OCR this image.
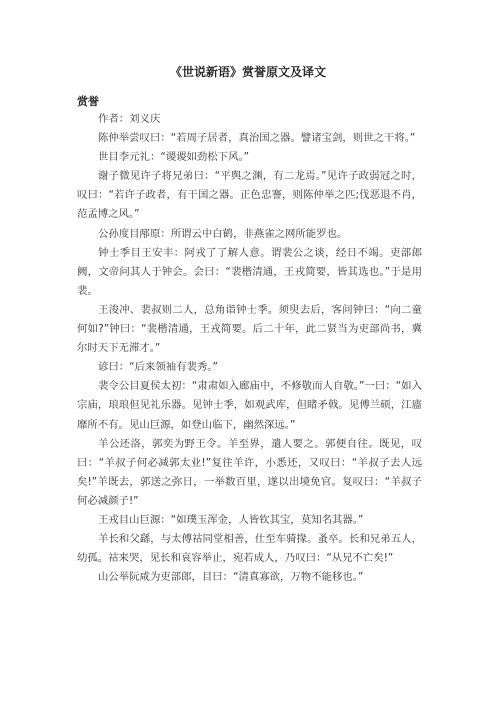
《世说新语》赏誉原文及译文
赏誉

作者：刘义庆

陈仲举尝叹曰：“若周子居者，真治国之器。譬诸宝剑，则世之干将。”

世目李元礼：“谡谡如劲松下风。”

谢子微见许子将兄弟曰：“平舆之渊，有二龙焉。”见许子政弱冠之时，叹曰：“若许子政者，有干国之器。正色忠謇，则陈仲举之匹;伐恶退不肖，范孟博之风。”

公孙度目邴原：所谓云中白鹤，非燕雀之网所能罗也。

钟士季目王安丰：阿戎了了解人意。谓裴公之谈，经日不竭。吏部郎阙，文帝问其人于钟会。会曰：“裴楷清通，王戎简要，皆其选也。”于是用裴。

王浚冲、裴叔则二人，总角诣钟士季。须臾去后，客问钟曰：“向二童何如?”钟曰：“裴楷清通，王戎简要。后二十年，此二贤当为吏部尚书，冀尔时天下无滞才。”

谚曰：“后来领袖有裴秀。”

裴令公目夏侯太初：“肃肃如入廊庙中，不修敬而人自敬。”一曰：“如入宗庙，琅琅但见礼乐器。见钟士季，如观武库，但睹矛戟。见傅兰硕，江廧靡所不有。见山巨源，如登山临下，幽然深远。”

羊公还洛，郭奕为野王令。羊至界，遣人要之。郭便自往。既见，叹曰：“羊叔子何必减郭太业!”复往羊许，小悉还，又叹曰：“羊叔子去人远矣!”羊既去，郭送之弥日，一举数百里，遂以出境免官。复叹曰：“羊叔子何必减颜子!”

王戎目山巨源：“如璞玉浑金，人皆钦其宝，莫知名其器。”

羊长和父繇，与太傅祜同堂相善，仕至车骑掾。蚤卒。长和兄弟五人，幼孤。祜来哭，见长和哀容举止，宛若成人，乃叹曰：“从兄不亡矣!”

山公举阮咸为吏部郎，目曰：“清真寡欲，万物不能移也。”
